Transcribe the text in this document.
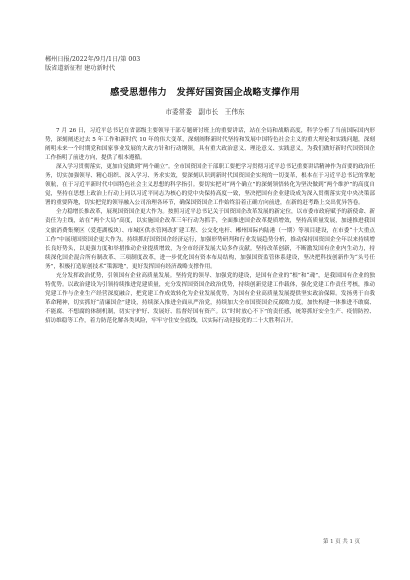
郴州日报/2022年/9月/1日/第 003
版省道新征程 建功新时代
感受思想伟力　发挥好国资国企战略支撑作用
市委常委　副市长　王伟东

7 月 26 日，习近平总书记在省部级主要领导干部专题研讨班上的重要讲话，站在全局和战略高度，科学分析了当前国际国内形势，深刻阐述过去 5 年工作和新时代 10 年的伟大变革，深刻阐释新时代坚持和发展中国特色社会主义的重大理论和实践问题，深刻阐明未来一个时期党和国家事业发展的大政方针和行动纲领，具有重大政治意义、理论意义、实践意义，为我们做好新时代国资国企工作指明了前进方向，提供了根本遵循。

深入学习贯彻落实，更加自觉做到“两个确立”。全市国资国企干部职工要把学习贯彻习近平总书记重要讲话精神作为首要的政治任务，切实加强领导、精心组织、深入学习、务求实效，要深刻认识到新时代国资国企实现的一切变革，根本在于习近平总书记的掌舵领航，在于习近平新时代中国特色社会主义思想的科学指引。要切实把对“两个确立”的深刻领悟转化为坚决做到“两个维护”的高度自觉，坚持在思想上政治上行动上同以习近平同志为核心的党中央保持高度一致，坚决把国有企业建设成为深入贯彻落实党中央决策部署的重要阵地，切实把党的领导融入公司治理各环节，确保国资国企工作始终沿着正确方向前进，在新的赶考路上交出优异答卷。

全力稳增长推改革，展现国资国企更大作为。按照习近平总书记关于国资国企改革发展的新定位，以市委市政府赋予的新使命、新责任为主线，站在“两个大局”高度，以实施国企改革三年行动为抓手，全面推进国企改革提质增效，坚持高质量发展，加速推进我国文旅消费集聚区（爱莲湖板块）、市城区供水管网改扩建工程、公交化电杆、郴州国际内陆港（一期）等项目建设，在市委“十大重点工作”中展现国资国企更大作为。持续抓好国资国企经济运行，加强形势研判和行业发展趋势分析，推动保持国资国企全年以来持续增长良好势头，以更强力度和举措推动企业提质增效，为全市经济发展大局多作贡献。坚持改革创新，不断激发国有企业内生动力，持续深化国企混合所有制改革、三项制度改革，进一步优化国有资本布局结构，加强国资监管体系建设，坚决把科技创新作为“头号任务”，积极打造原创技术“策源地”，更好发挥国有经济战略支撑作用。

充分发挥政治优势，引领国有企业高质量发展。坚持党的领导、加强党的建设，是国有企业的“根”和“魂”，是我国国有企业的独特优势。以政治建设为引领持续推进党建质量，充分发挥国资国企政治优势，持续创新党建工作载体，强化党建工作责任考核，推动党建工作与企业生产经营深度融合，把党建工作成效转化为企业发展优势，为国有企业高质量发展提供坚实政治保障。发扬勇于自我革命精神，切实抓好“清廉国企”建设，持续深入推进全面从严治党，持续加大全市国资国企反腐败力度，加快构建一体推进不敢腐、不能腐、不想腐的体制机制，切实守护好、发展好、监督好国有资产。以“时时放心不下”的责任感，统筹抓好安全生产、疫情防控、招访维稳等工作，着力防范化解各类风险，牢牢守住安全底线，以实际行动迎接党的二十大胜利召开。

第 1 页 共 1 页
